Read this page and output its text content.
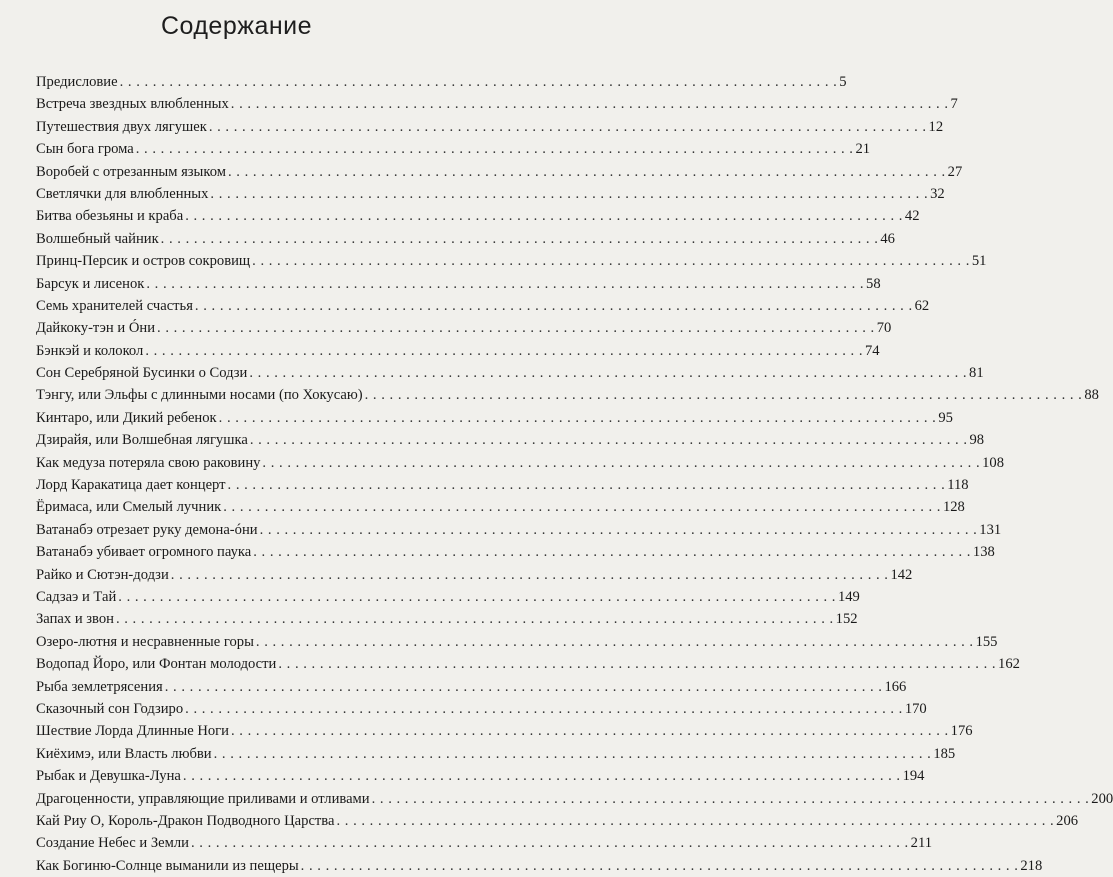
Содержание
Предисловие . . .	5
Встреча звездных влюбленных . . .	7
Путешествия двух лягушек . . .	12
Сын бога грома . . .	21
Воробей с отрезанным языком . . .	27
Светлячки для влюбленных . . .	32
Битва обезьяны и краба . . .	42
Волшебный чайник . . .	46
Принц-Персик и остров сокровищ . . .	51
Барсук и лисенок . . .	58
Семь хранителей счастья . . .	62
Дайкоку-тэн и Óни . . .	70
Бэнкэй и колокол . . .	74
Сон Серебряной Бусинки о Содзи . . .	81
Тэнгу, или Эльфы с длинными носами (по Хокусаю) . . .	88
Кинтаро, или Дикий ребенок . . .	95
Дзирайя, или Волшебная лягушка . . .	98
Как медуза потеряла свою раковину . . .	108
Лорд Каракатица дает концерт . . .	118
Ёримаса, или Смелый лучник . . .	128
Ватанабэ отрезает руку демона-óни . . .	131
Ватанабэ убивает огромного паука . . .	138
Райко и Сютэн-додзи . . .	142
Садзаэ и Тай . . .	149
Запах и звон . . .	152
Озеро-лютня и несравненные горы . . .	155
Водопад Йоро, или Фонтан молодости . . .	162
Рыба землетрясения . . .	166
Сказочный сон Годзиро . . .	170
Шествие Лорда Длинные Ноги . . .	176
Киёхимэ, или Власть любви . . .	185
Рыбак и Девушка-Луна . . .	194
Драгоценности, управляющие приливами и отливами . . .	200
Кай Риу О, Король-Дракон Подводного Царства . . .	206
Создание Небес и Земли . . .	211
Как Богиню-Солнце выманили из пещеры . . .	218
